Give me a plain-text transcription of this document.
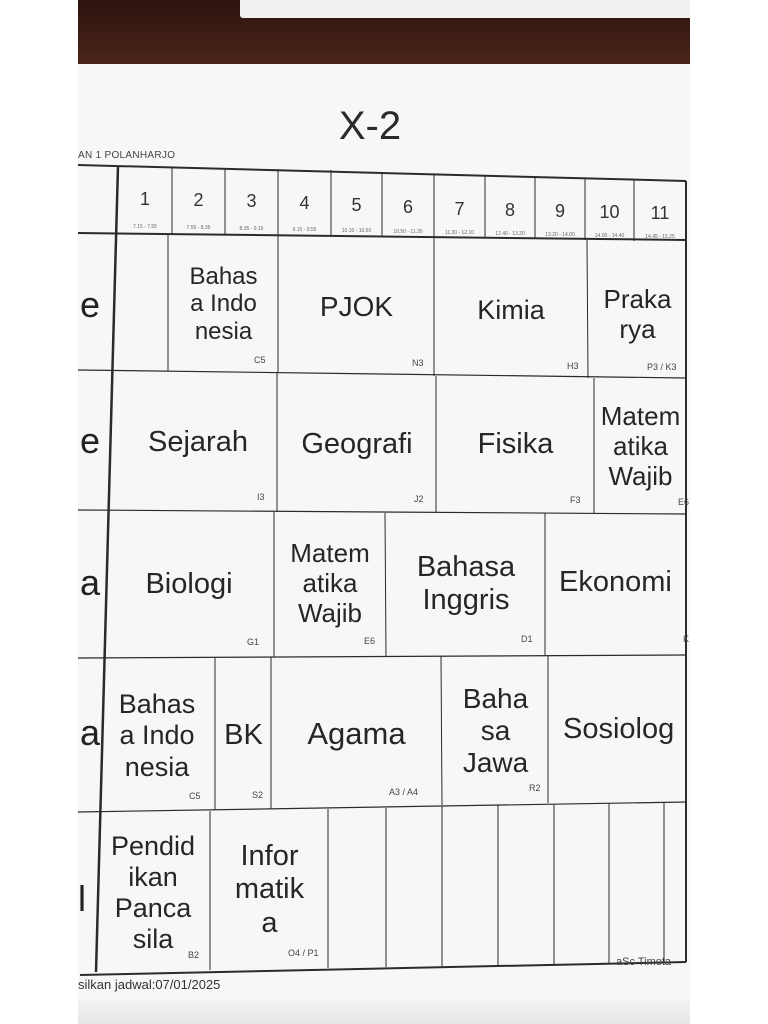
X-2
AN 1 POLANHARJO
1
7.15 - 7.55
2
7.55 - 8.35
3
8.35 - 9.15
4
9.15 - 9.55
5
10.10 - 10.50
6
10.50 - 11.30
7
11.30 - 12.10
8
12.40 - 13.20
9
13.20 - 14.00
10
14.00 - 14.40
11
14.45 - 15.25
e
e
a
a
l
Bahas
a Indo
nesia
C5
PJOK
N3
Kimia
H3
Praka
rya
P3 / K3
Sejarah
I3
Geografi
J2
Fisika
F3
Matem
atika
Wajib
E6
Biologi
G1
Matem
atika
Wajib
E6
Bahasa
Inggris
D1
Ekonomi
K
Bahas
a Indo
nesia
C5
BK
S2
Agama
A3 / A4
Baha
sa
Jawa
R2
Sosiolog
Pendid
ikan
Panca
sila
B2
Infor
matik
a
O4 / P1
silkan jadwal:07/01/2025
aSc Timeta
